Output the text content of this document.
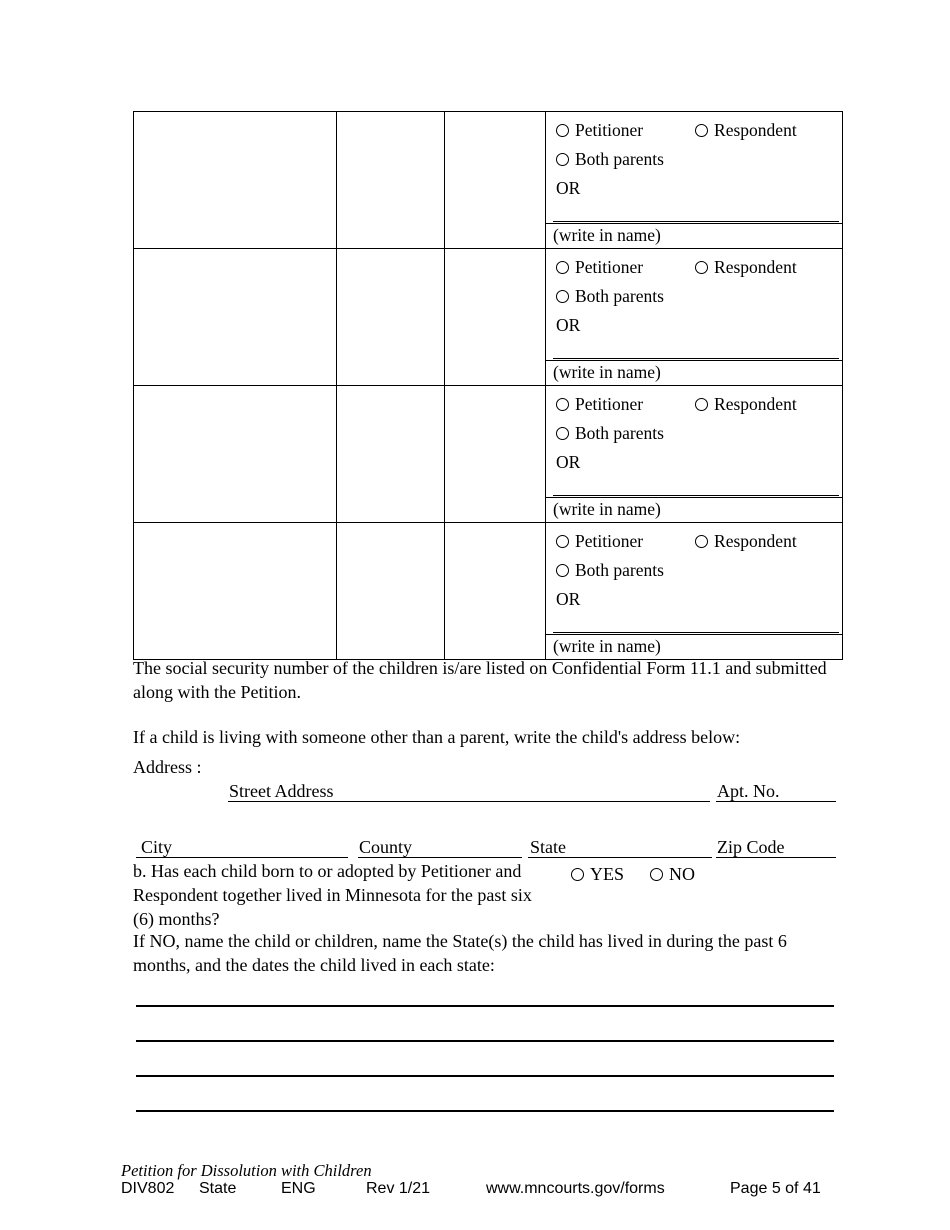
			Petitioner Respondent
Both parents
OR
(write in name)

			Petitioner Respondent
Both parents
OR
(write in name)

			Petitioner Respondent
Both parents
OR
(write in name)

			Petitioner Respondent
Both parents
OR
(write in name)
The social security number of the children is/are listed on Confidential Form 11.1 and submitted along with the Petition.
If a child is living with someone other than a parent, write the child's address below:
Address :
Street Address	Apt. No.
City	County	State	Zip Code
b. Has each child born to or adopted by Petitioner and
Respondent together lived in Minnesota for the past six
(6) months?
YES NO
If NO, name the child or children, name the State(s) the child has lived in during the past 6 months, and the dates the child lived in each state:
Petition for Dissolution with Children
DIV802 State	ENG	Rev 1/21	www.mncourts.gov/forms	Page 5 of 41
